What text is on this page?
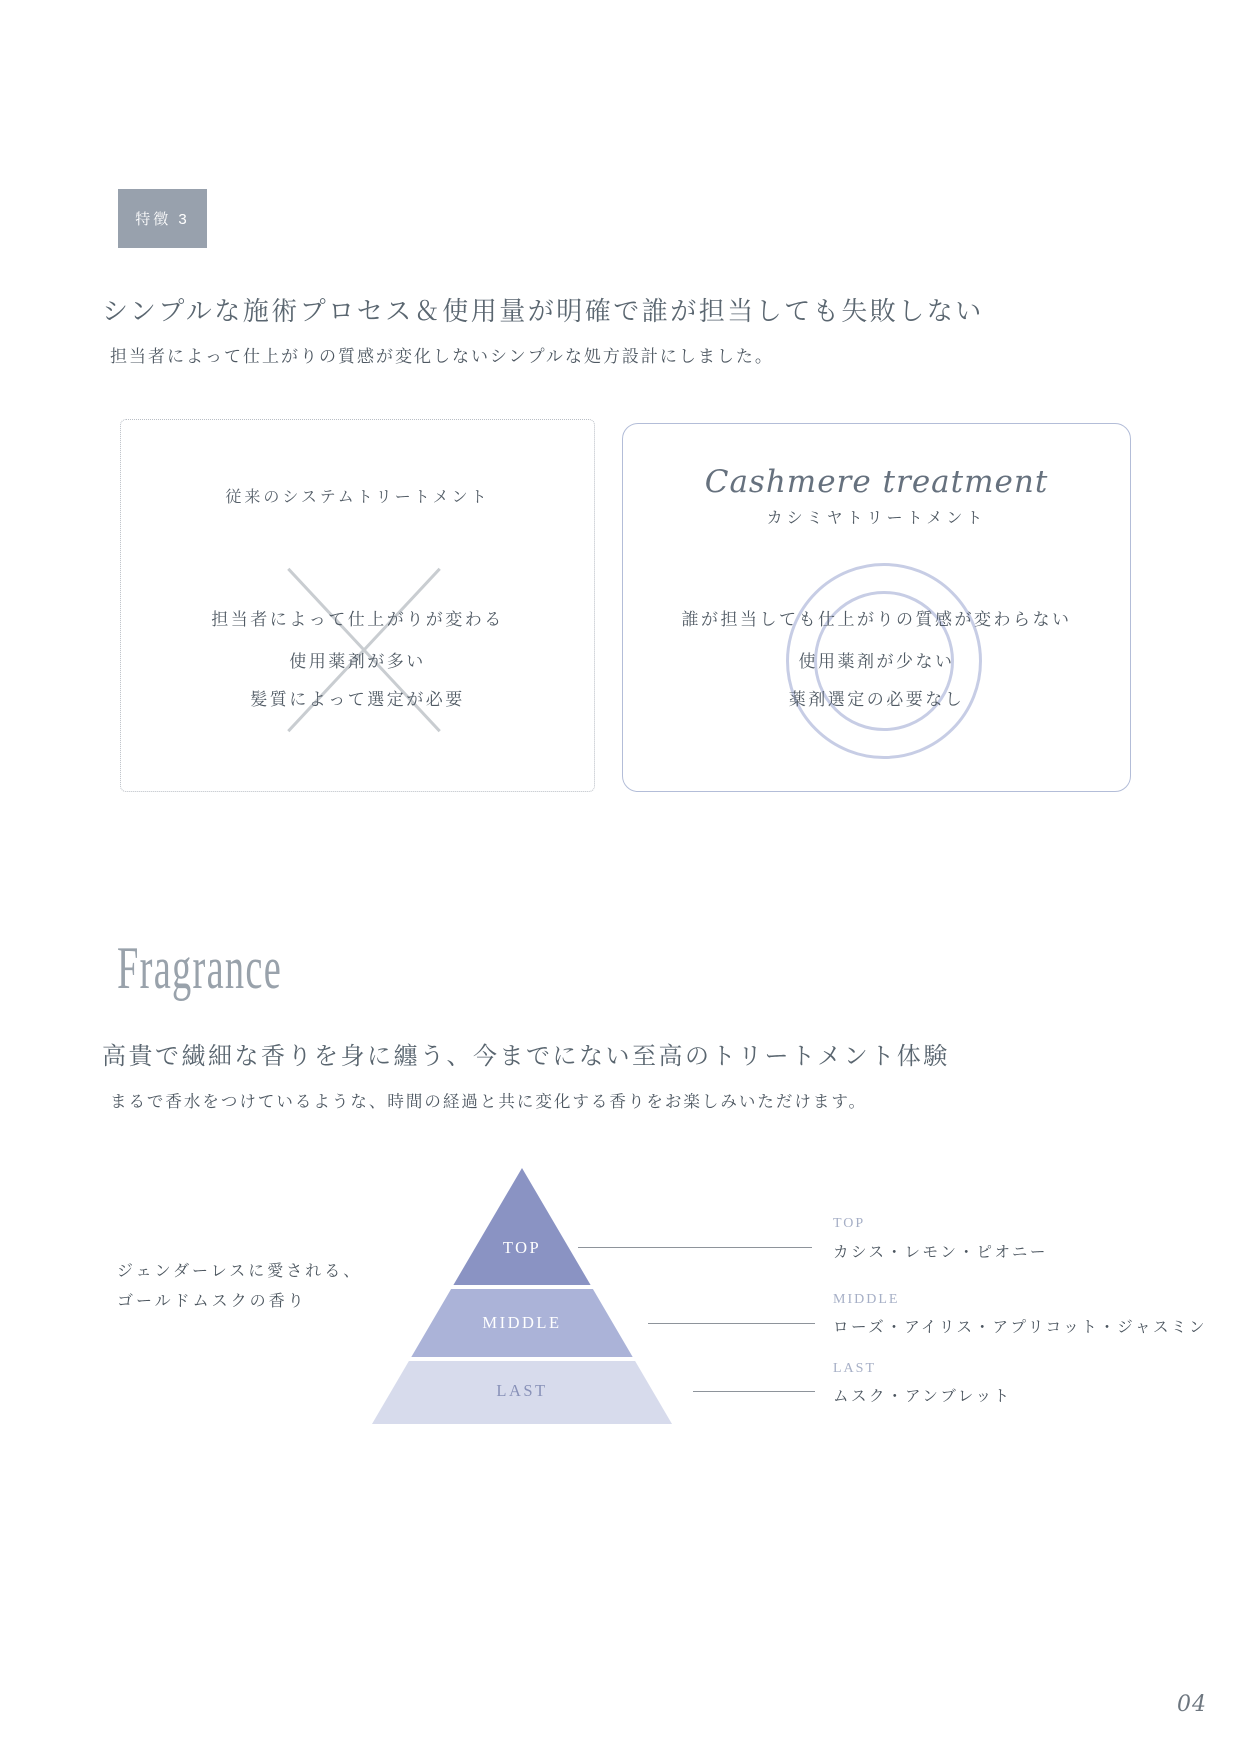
特徴 3
シンプルな施術プロセス＆使用量が明確で誰が担当しても失敗しない
担当者によって仕上がりの質感が変化しないシンプルな処方設計にしました。
従来のシステムトリートメント
担当者によって仕上がりが変わる
使用薬剤が多い
髪質によって選定が必要
Cashmere treatment
カシミヤトリートメント
誰が担当しても仕上がりの質感が変わらない
使用薬剤が少ない
薬剤選定の必要なし
Fragrance
高貴で繊細な香りを身に纏う、今までにない至高のトリートメント体験
まるで香水をつけているような、時間の経過と共に変化する香りをお楽しみいただけます。
ジェンダーレスに愛される、
ゴールドムスクの香り
TOP
MIDDLE
LAST
TOP
カシス・レモン・ピオニー
MIDDLE
ローズ・アイリス・アプリコット・ジャスミン
LAST
ムスク・アンブレット
04
